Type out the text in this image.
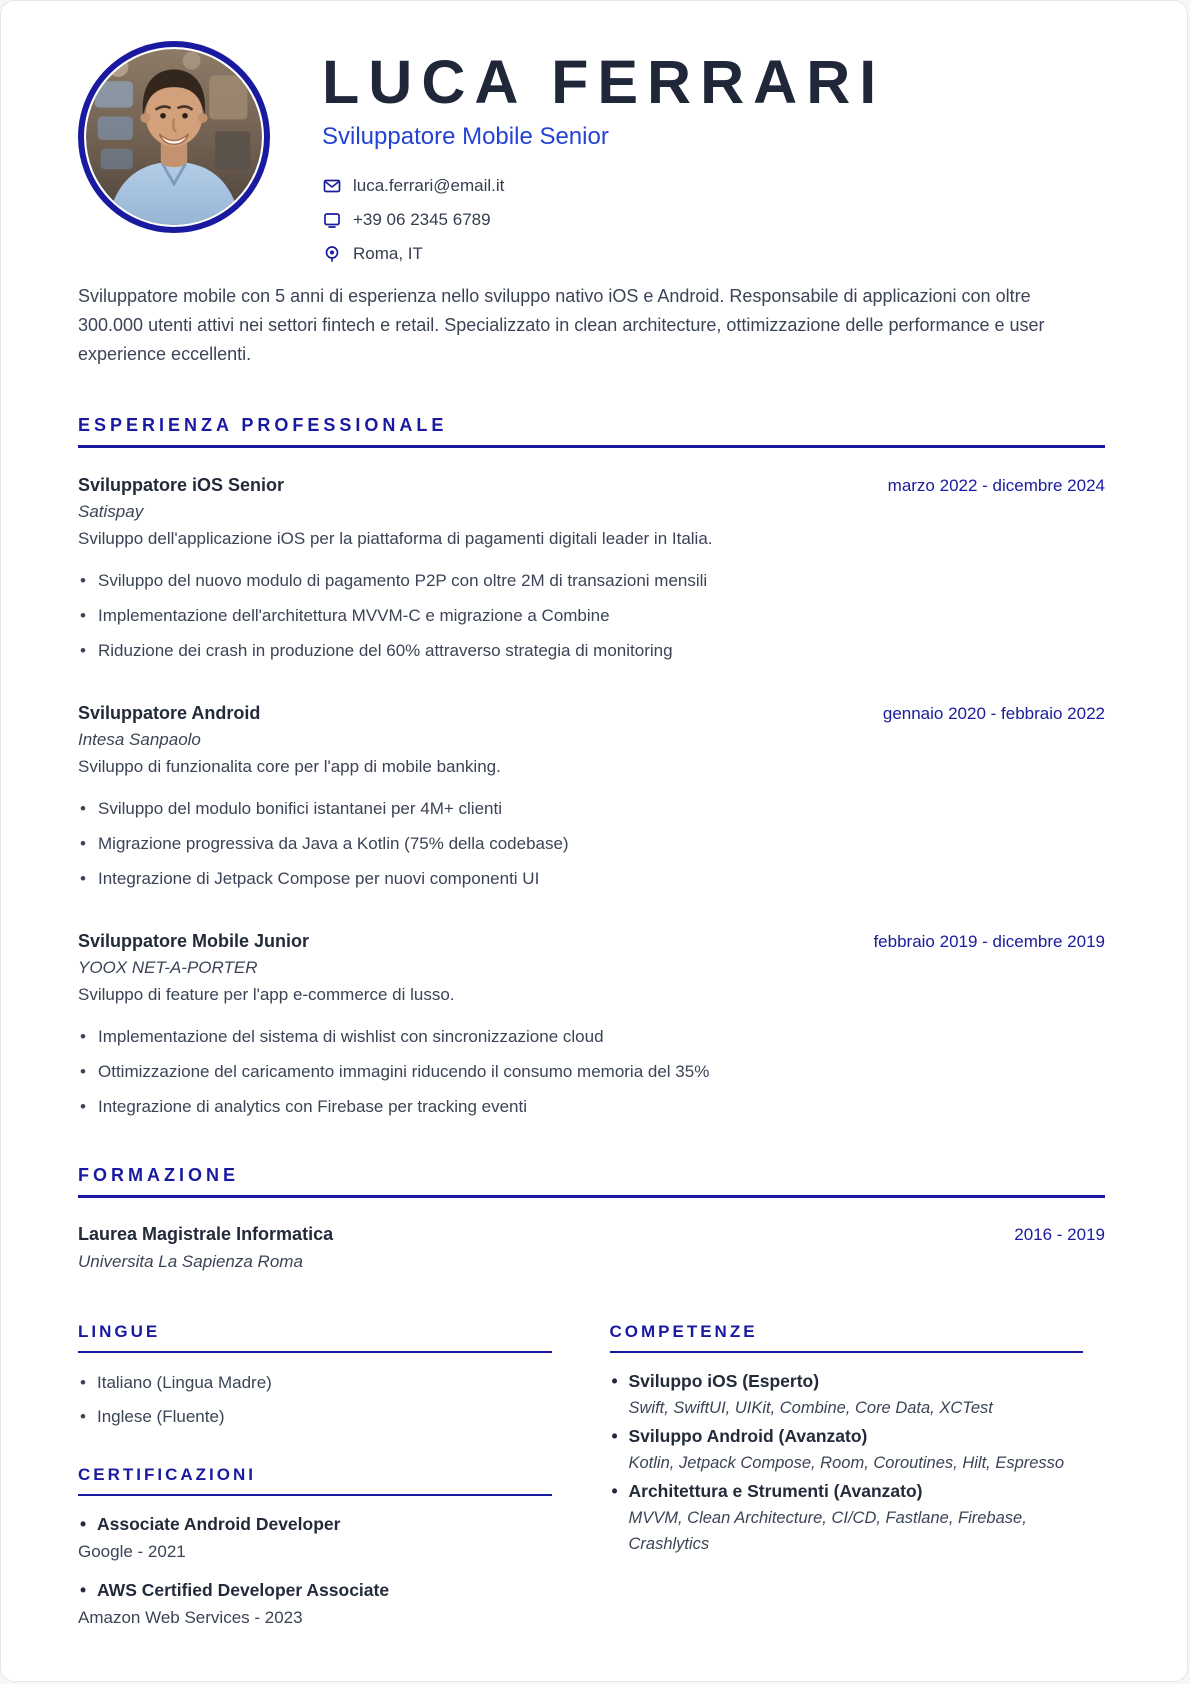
LUCA FERRARI
Sviluppatore Mobile Senior
luca.ferrari@email.it
+39 06 2345 6789
Roma, IT

Sviluppatore mobile con 5 anni di esperienza nello sviluppo nativo iOS e Android. Responsabile di applicazioni con oltre 300.000 utenti attivi nei settori fintech e retail. Specializzato in clean architecture, ottimizzazione delle performance e user experience eccellenti.

ESPERIENZA PROFESSIONALE
Sviluppatore iOS Senior	marzo 2022 - dicembre 2024
Satispay
Sviluppo dell'applicazione iOS per la piattaforma di pagamenti digitali leader in Italia.
• Sviluppo del nuovo modulo di pagamento P2P con oltre 2M di transazioni mensili
• Implementazione dell'architettura MVVM-C e migrazione a Combine
• Riduzione dei crash in produzione del 60% attraverso strategia di monitoring
Sviluppatore Android	gennaio 2020 - febbraio 2022
Intesa Sanpaolo
Sviluppo di funzionalita core per l'app di mobile banking.
• Sviluppo del modulo bonifici istantanei per 4M+ clienti
• Migrazione progressiva da Java a Kotlin (75% della codebase)
• Integrazione di Jetpack Compose per nuovi componenti UI
Sviluppatore Mobile Junior	febbraio 2019 - dicembre 2019
YOOX NET-A-PORTER
Sviluppo di feature per l'app e-commerce di lusso.
• Implementazione del sistema di wishlist con sincronizzazione cloud
• Ottimizzazione del caricamento immagini riducendo il consumo memoria del 35%
• Integrazione di analytics con Firebase per tracking eventi
FORMAZIONE
Laurea Magistrale Informatica	2016 - 2019
Universita La Sapienza Roma
LINGUE
• Italiano (Lingua Madre)
• Inglese (Fluente)
CERTIFICAZIONI
• Associate Android Developer
Google - 2021
• AWS Certified Developer Associate
Amazon Web Services - 2023
COMPETENZE
• Sviluppo iOS (Esperto)
Swift, SwiftUI, UIKit, Combine, Core Data, XCTest
• Sviluppo Android (Avanzato)
Kotlin, Jetpack Compose, Room, Coroutines, Hilt, Espresso
• Architettura e Strumenti (Avanzato)
MVVM, Clean Architecture, CI/CD, Fastlane, Firebase, Crashlytics
